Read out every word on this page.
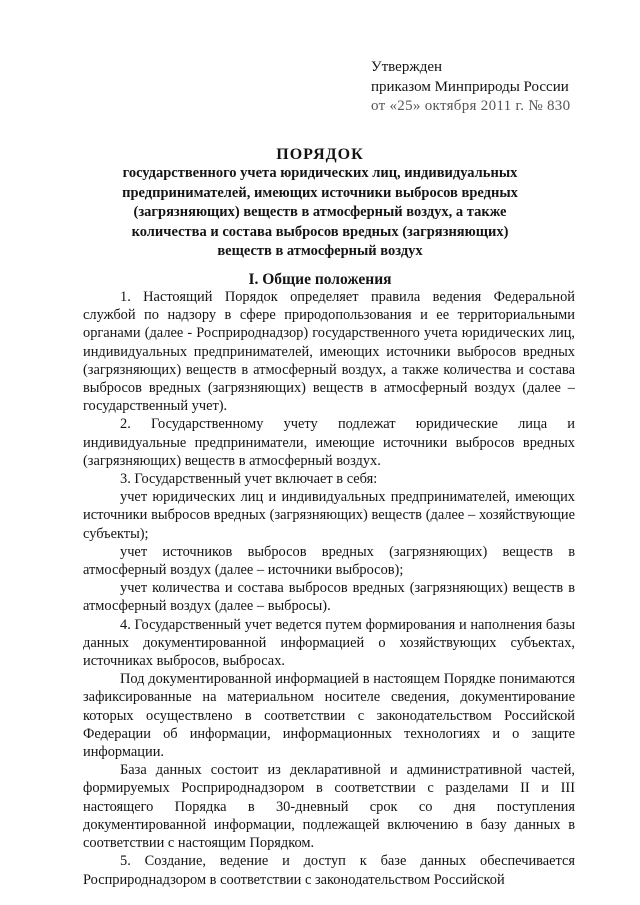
Утвержден
приказом Минприроды России
от «25» октября 2011 г. № 830
ПОРЯДОК
государственного учета юридических лиц, индивидуальных предпринимателей, имеющих источники выбросов вредных (загрязняющих) веществ в атмосферный воздух, а также количества и состава выбросов вредных (загрязняющих) веществ в атмосферный воздух
I. Общие положения

1. Настоящий Порядок определяет правила ведения Федеральной службой по надзору в сфере природопользования и ее территориальными органами (далее - Росприроднадзор) государственного учета юридических лиц, индивидуальных предпринимателей, имеющих источники выбросов вредных (загрязняющих) веществ в атмосферный воздух, а также количества и состава выбросов вредных (загрязняющих) веществ в атмосферный воздух (далее – государственный учет).

2. Государственному учету подлежат юридические лица и индивидуальные предприниматели, имеющие источники выбросов вредных (загрязняющих) веществ в атмосферный воздух.

3. Государственный учет включает в себя:

учет юридических лиц и индивидуальных предпринимателей, имеющих источники выбросов вредных (загрязняющих) веществ (далее – хозяйствующие субъекты);

учет источников выбросов вредных (загрязняющих) веществ в атмосферный воздух (далее – источники выбросов);

учет количества и состава выбросов вредных (загрязняющих) веществ в атмосферный воздух (далее – выбросы).

4. Государственный учет ведется путем формирования и наполнения базы данных документированной информацией о хозяйствующих субъектах, источниках выбросов, выбросах.

Под документированной информацией в настоящем Порядке понимаются зафиксированные на материальном носителе сведения, документирование которых осуществлено в соответствии с законодательством Российской Федерации об информации, информационных технологиях и о защите информации.

База данных состоит из декларативной и административной частей, формируемых Росприроднадзором в соответствии с разделами II и III настоящего Порядка в 30-дневный срок со дня поступления документированной информации, подлежащей включению в базу данных в соответствии с настоящим Порядком.

5. Создание, ведение и доступ к базе данных обеспечивается Росприроднадзором в соответствии с законодательством Российской
